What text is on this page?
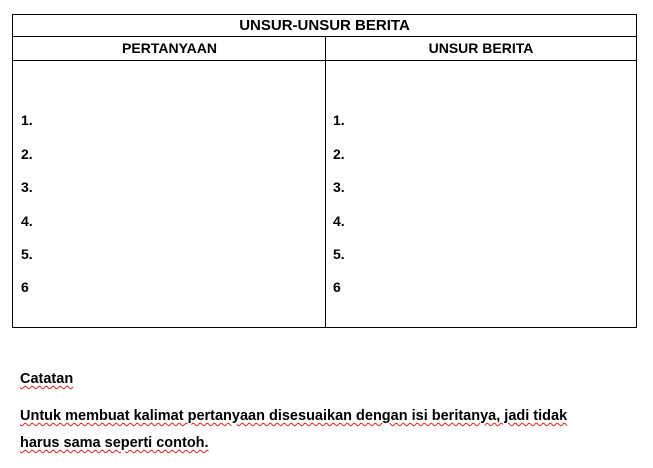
UNSUR-UNSUR BERITA
PERTANYAAN	UNSUR BERITA
1.
2.
3.
4.
5.
6
1.
2.
3.
4.
5.
6
Catatan
Untuk membuat kalimat pertanyaan disesuaikan dengan isi beritanya, jadi tidak
harus sama seperti contoh.
